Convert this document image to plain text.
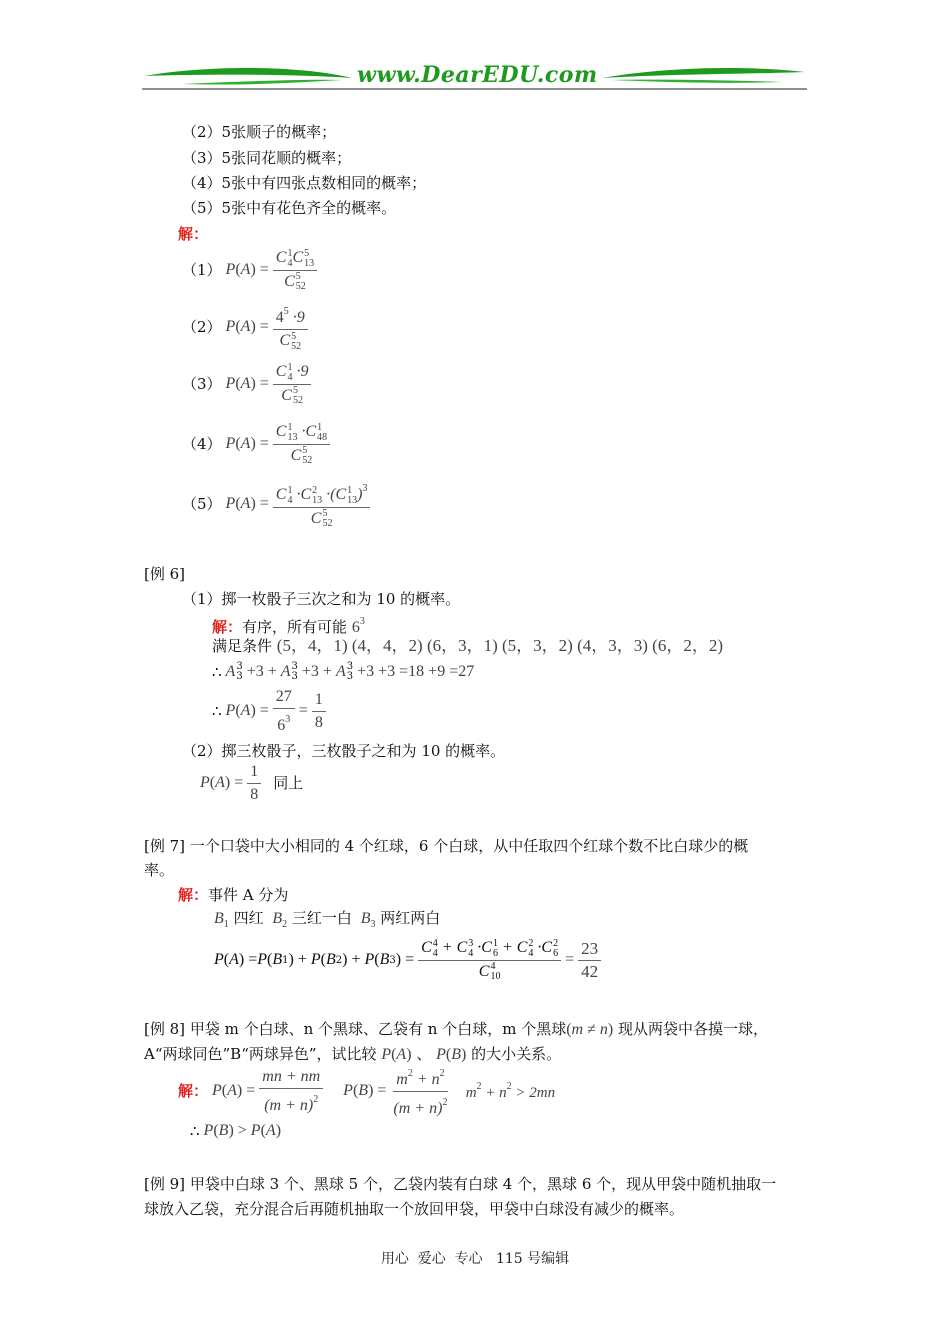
www.DearEDU.com
（2）5张顺子的概率；
（3）5张同花顺的概率；
（4）5张中有四张点数相同的概率；
（5）5张中有花色齐全的概率。
解：
（1） P ( A ) = C 1
4 C 5
13
C 5
52
（2） P ( A ) = $4^5 \cdot 9$
C 5
52
（3） P ( A ) = C 1
4 ·9
C 5
52
（4） P ( A ) = C 1
13 ·C 1
48
C 5
52
（5） P ( A ) = C 1
4 ·C 2
13 ·(C 1
13 )$^3$
C 5
52
[例 6]
（1）掷一枚骰子三次之和为 10 的概率。
解：有序，所有可能 $6^3$
满足条件 (5，4，1) (4，4，2) (6，3，1) (5，3，2) (4，3，3) (6，2，2)
∴ A 3
3 +3 + A 3
3 +3 + A 3
3 +3 +3 =18 +9 =27
∴ P ( A ) = $\frac{27}{6^3} = \frac{1}{8}$
（2）掷三枚骰子，三枚骰子之和为 10 的概率。
P ( A ) = $\frac{1}{8}$ 同上
[例 7] 一个口袋中大小相同的 4 个红球，6 个白球，从中任取四个红球个数不比白球少的概
率。
解：事件 A 分为
$B_1$ 四红  $B_2$ 三红一白  $B_3$ 两红两白
P ( A ) = P ( B 1 ) + P ( B 2 ) + P ( B 3 ) = C 4
4 + C 3
4 ·C 1
6 + C 2
4 ·C 2
6
C 4
$10 = \frac{23}{42}$
[例 8] 甲袋 m 个白球、n 个黑球、乙袋有 n 个白球，m 个黑球(m ≠ n) 现从两袋中各摸一球，
A“两球同色”B“两球异色”，试比较 P(A) 、 P(B) 的大小关系。
解： P ( A ) = $\frac{mn + nm}{(m + n)^2}$ P ( B ) = $\frac{m^2 + n^2}{(m + n)^2} m^2 + n^2 > 2mn$
∴ P ( B ) > P ( A )
[例 9] 甲袋中白球 3 个、黑球 5 个，乙袋内装有白球 4 个，黑球 6 个，现从甲袋中随机抽取一
球放入乙袋，充分混合后再随机抽取一个放回甲袋，甲袋中白球没有减少的概率。
用心  爱心  专心   115 号编辑
